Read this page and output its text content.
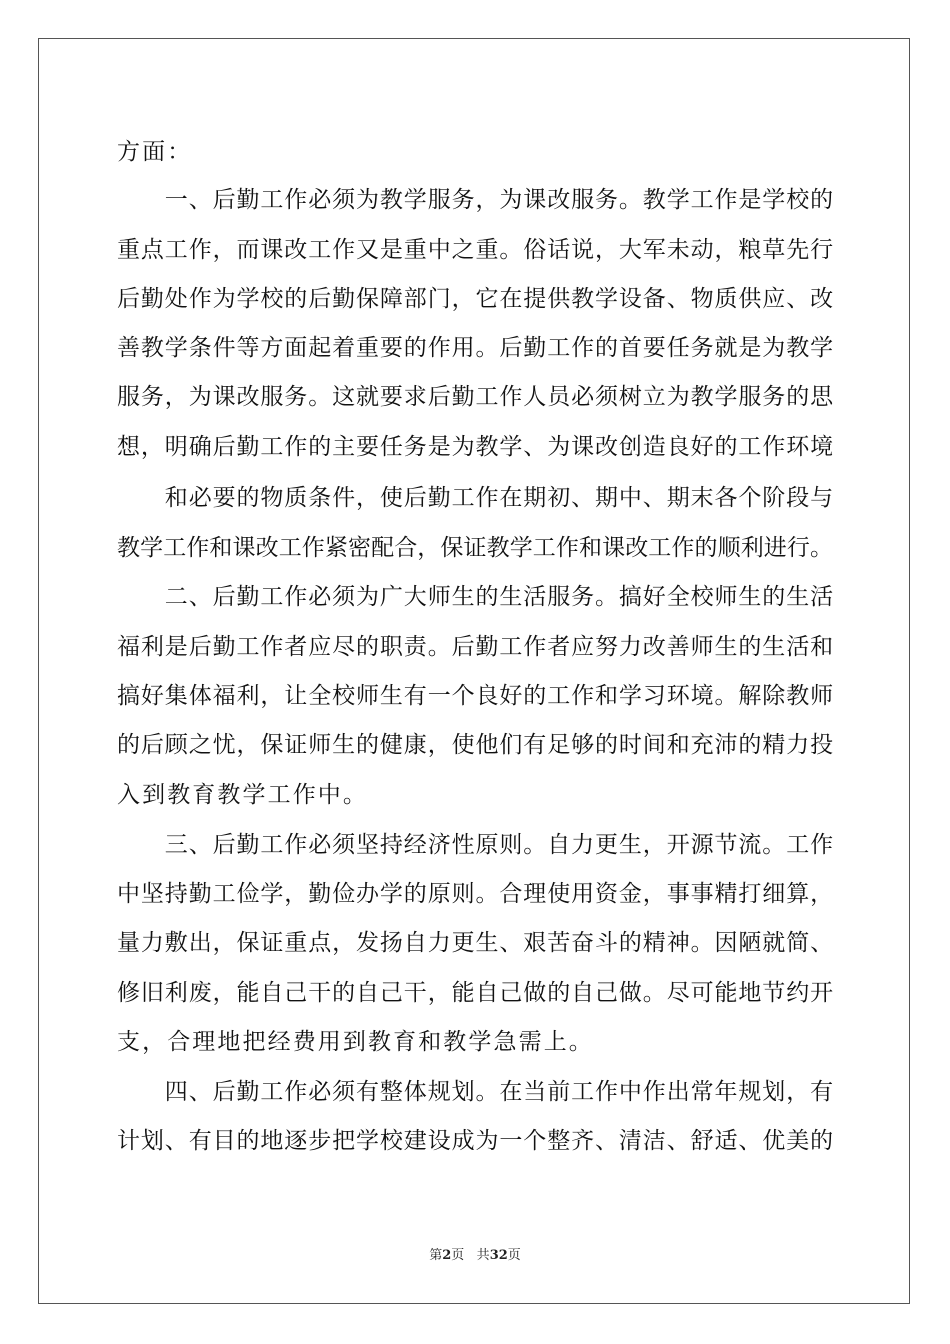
方面：
　　一、后勤工作必须为教学服务，为课改服务。教学工作是学校的
重点工作，而课改工作又是重中之重。俗话说，大军未动，粮草先行
后勤处作为学校的后勤保障部门，它在提供教学设备、物质供应、改
善教学条件等方面起着重要的作用。后勤工作的首要任务就是为教学
服务，为课改服务。这就要求后勤工作人员必须树立为教学服务的思
想，明确后勤工作的主要任务是为教学、为课改创造良好的工作环境
　　和必要的物质条件，使后勤工作在期初、期中、期末各个阶段与
教学工作和课改工作紧密配合，保证教学工作和课改工作的顺利进行。
　　二、后勤工作必须为广大师生的生活服务。搞好全校师生的生活
福利是后勤工作者应尽的职责。后勤工作者应努力改善师生的生活和
搞好集体福利，让全校师生有一个良好的工作和学习环境。解除教师
的后顾之忧，保证师生的健康，使他们有足够的时间和充沛的精力投
入到教育教学工作中。
　　三、后勤工作必须坚持经济性原则。自力更生，开源节流。工作
中坚持勤工俭学，勤俭办学的原则。合理使用资金，事事精打细算，
量力敷出，保证重点，发扬自力更生、艰苦奋斗的精神。因陋就简、
修旧利废，能自己干的自己干，能自己做的自己做。尽可能地节约开
支，合理地把经费用到教育和教学急需上。
　　四、后勤工作必须有整体规划。在当前工作中作出常年规划，有
计划、有目的地逐步把学校建设成为一个整齐、清洁、舒适、优美的
第2页 共32页
